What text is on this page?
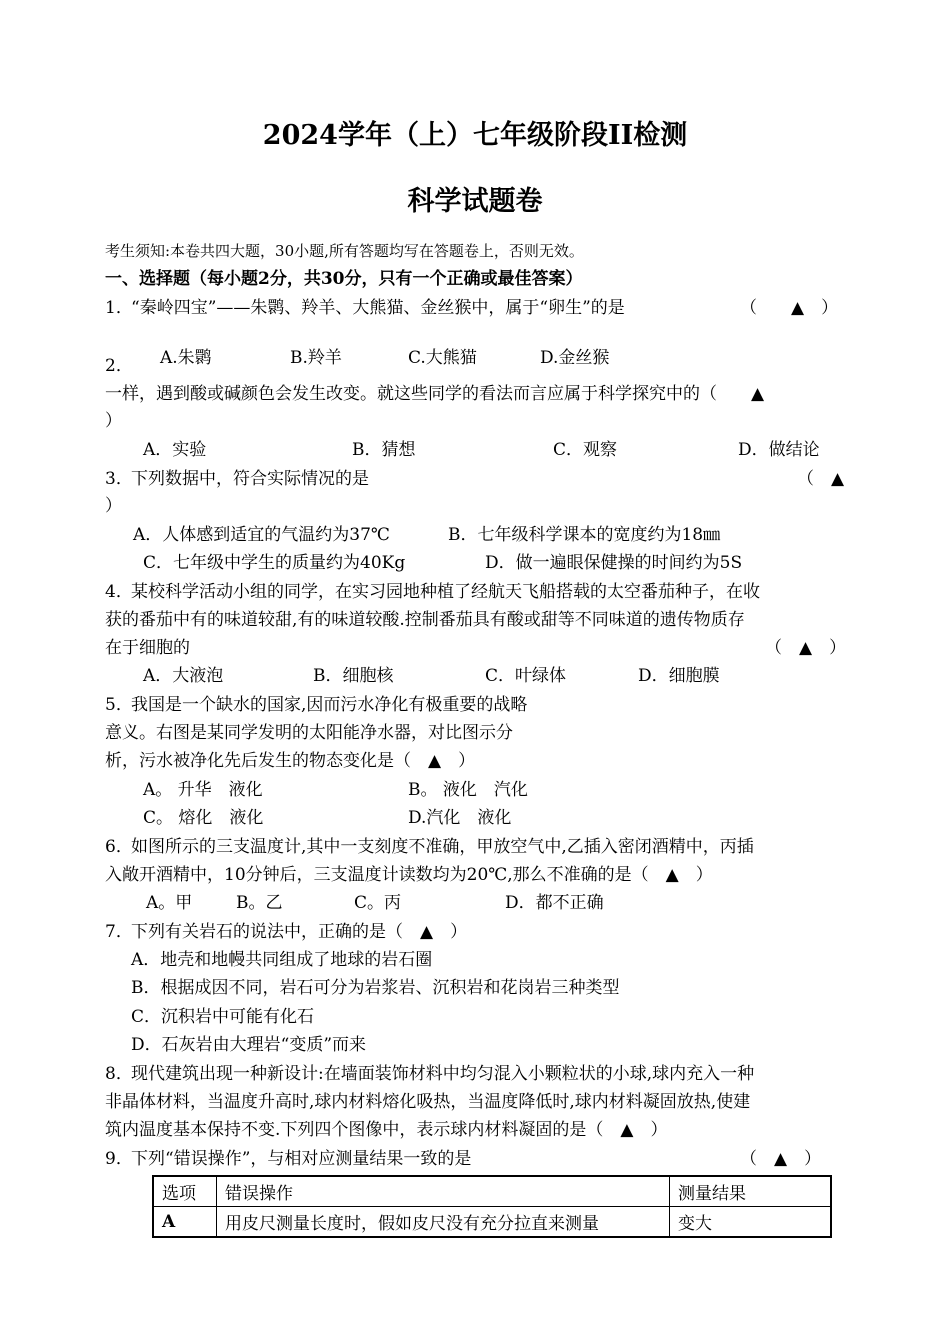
2024学年（上）七年级阶段II检测
科学试题卷
考生须知:本卷共四大题，30小题,所有答题均写在答题卷上，否则无效。
一、选择题（每小题2分，共30分，只有一个正确或最佳答案）
1．
“秦岭四宝”——朱鹮、羚羊、大熊猫、金丝猴中，属于“卵生”的是	（　　▲　）
A.朱鹮	B.羚羊	C.大熊猫	D.金丝猴
2．
一样，遇到酸或碱颜色会发生改变。就这些同学的看法而言应属于科学探究中的（　　▲
）
A．实验	B．猜想	C．观察	D．做结论
3．
下列数据中，符合实际情况的是	（　▲
）
A．人体感到适宜的气温约为37℃	B．七年级科学课本的宽度约为18㎜
C．七年级中学生的质量约为40Kg	D．做一遍眼保健操的时间约为5S
4．
某校科学活动小组的同学，在实习园地种植了经航天飞船搭载的太空番茄种子，在收
获的番茄中有的味道较甜,有的味道较酸.控制番茄具有酸或甜等不同味道的遗传物质存
在于细胞的	（　▲　）
A．大液泡	B．细胞核	C．叶绿体	D．细胞膜
5．
我国是一个缺水的国家,因而污水净化有极重要的战略
意义。右图是某同学发明的太阳能净水器，对比图示分
析，污水被净化先后发生的物态变化是（　▲　）
A。 升华　液化	B。 液化　汽化
C。 熔化　液化	D.汽化　液化
6．
如图所示的三支温度计,其中一支刻度不准确，甲放空气中,乙插入密闭酒精中，丙插
入敞开酒精中，10分钟后，三支温度计读数均为20℃,那么不准确的是（　▲　）
A。甲	B。乙	C。丙	D．都不正确
7．
下列有关岩石的说法中，正确的是（　▲　）
A．地壳和地幔共同组成了地球的岩石圈
B．根据成因不同，岩石可分为岩浆岩、沉积岩和花岗岩三种类型
C．沉积岩中可能有化石
D．石灰岩由大理岩“变质”而来
8．
现代建筑出现一种新设计:在墙面装饰材料中均匀混入小颗粒状的小球,球内充入一种
非晶体材料，当温度升高时,球内材料熔化吸热，当温度降低时,球内材料凝固放热,使建
筑内温度基本保持不变.下列四个图像中，表示球内材料凝固的是（　▲　）
9．
下列“错误操作”，与相对应测量结果一致的是	（　▲　）
选项	错误操作	测量结果
A	用皮尺测量长度时，假如皮尺没有充分拉直来测量	变大
